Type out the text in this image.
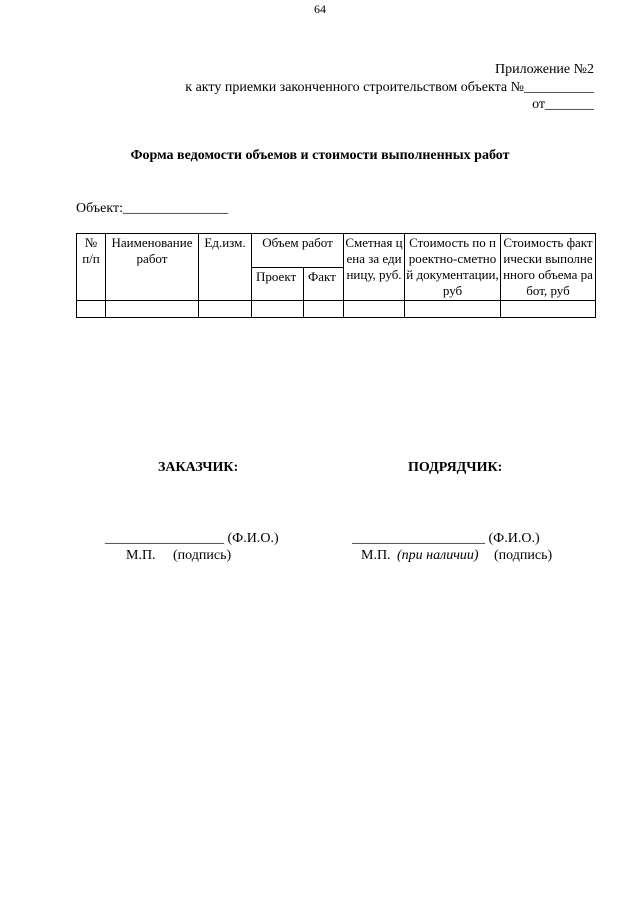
64
Приложение №2
к акту приемки законченного строительством объекта №__________
от_______
Форма ведомости объемов и стоимости выполненных работ
Объект:_______________
№ п/п	Наименование работ	Ед.изм.	Объем работ		Сметная цена за единицу, руб.	Стоимость по проектно-сметной документации, руб	Стоимость фактически выполненного объема работ, руб
			Проект	Факт			

ЗАКАЗЧИК:	ПОДРЯДЧИК:
_________________ (Ф.И.О.)
М.П. (подпись)
___________________ (Ф.И.О.)
М.П. (при наличии) (подпись)
